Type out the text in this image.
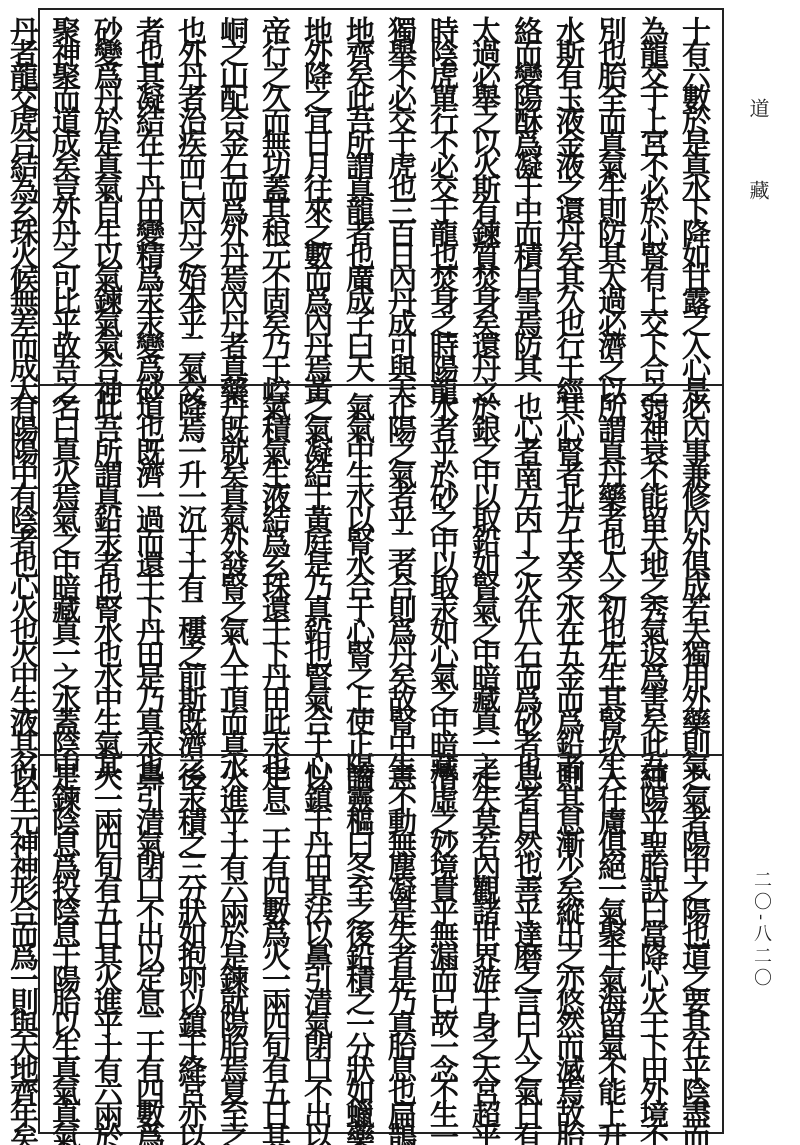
道藏
二〇-八二〇
十有六數於是真水下降如甘露之入心是
為龍交于上宮不必於心腎有上交下合之
別也胎全而真氣生則防其太過必濟之以
水斯有玉液金液之還丹矣其久也行于經
絡而變陽酥爲凝于中而積白雪焉防其
太過必舉之以火斯有鍊質焚身矣還丹之
時陰虎單行不必交于龍也焚身之時陽龍
獨舉不必交于虎也三百日內丹成可與天
地齊矣此吾所謂真龍者也廣成子曰天
地外降之宜日月往來之數而爲內丹焉黃
帝行之久而無功蓋其根元不固矣乃于崆
峒之山配合金石而爲外丹焉內丹者真藥
也外丹者治疾而已內丹之始本乎二氣交
者也其凝結在于丹田變精爲汞汞變爲砂
砂變爲丹於是真氣自生以氣鍊氣氣合神
聚神聚而道成矣豈外丹之可比乎故吾之
丹者龍交虎合結為玄珠火候無差而成大
必內事兼修內外俱成若夫獨用外藥則氣
弱神衰不能留天地之秀氣返爲害矣此吾
所謂真丹藥者也人之初也先生其腎坎生
其心腎者北方壬癸之水在五金而爲鉛者
也心者南方丙丁之火在八石而爲砂者也
於銀之中以取鉛如腎氣之中暗藏真一之
水者乎於砂之中以取汞如心氣之中暗藏
正陽之氣者乎二者合則爲丹矣故腎中生
氣氣中生水以腎水合于心腎之上使正陽
之氣凝結于黃庭是乃真鉛也腎氣合于心
氣積氣生液結爲玄珠還于下丹田此汞也
丹既就矣真氣外發腎之氣入于頂而真水
降焉一升一沉于十有二樓之前斯既濟之
道也既濟一過而還于下丹田是乃真汞也
此吾所謂真鉛汞者也腎水也水中生氣其
名曰真火焉氣之中暗藏真一之水蓋陰中
有陽陽中有陰者也心火也火中生液其名
之氣者陽中之陽也道之要其在乎陰盡而
純陽乎聖胎訣曰當降心火于下田外境不
入任慮俱絕一氣聚于氣海留氣不能上升
則其息漸少矣縱出之亦悠然而滅焉故胎
息者自然也善乎達磨之言曰人之氣日有
走失莫若內觀諸世界游于身之天宮超乎
清虛之妙境貴乎無漏而已故一念不生一
意不動無塵凝是失者是乃真胎息也扁鵲
論靈樞曰冬至之後鉛積之一分狀如蠟藥
以鎮于丹田其法以鼻引清氣閉口不出以
定息二十有四數爲火一兩四旬有五日其
火進乎十有六兩於是鍊就陽胎焉夏至之
後汞積之三分狀如抱卵以鎮于絳宮亦以
鼻引清氣閉口不出以定息二十有四數爲
火一兩四旬有五日其火進乎十有六兩於
是鍊陰息爲投陰息于陽胎以生真氣真氣
以生元神神形合而爲一則與天地齊年矣
